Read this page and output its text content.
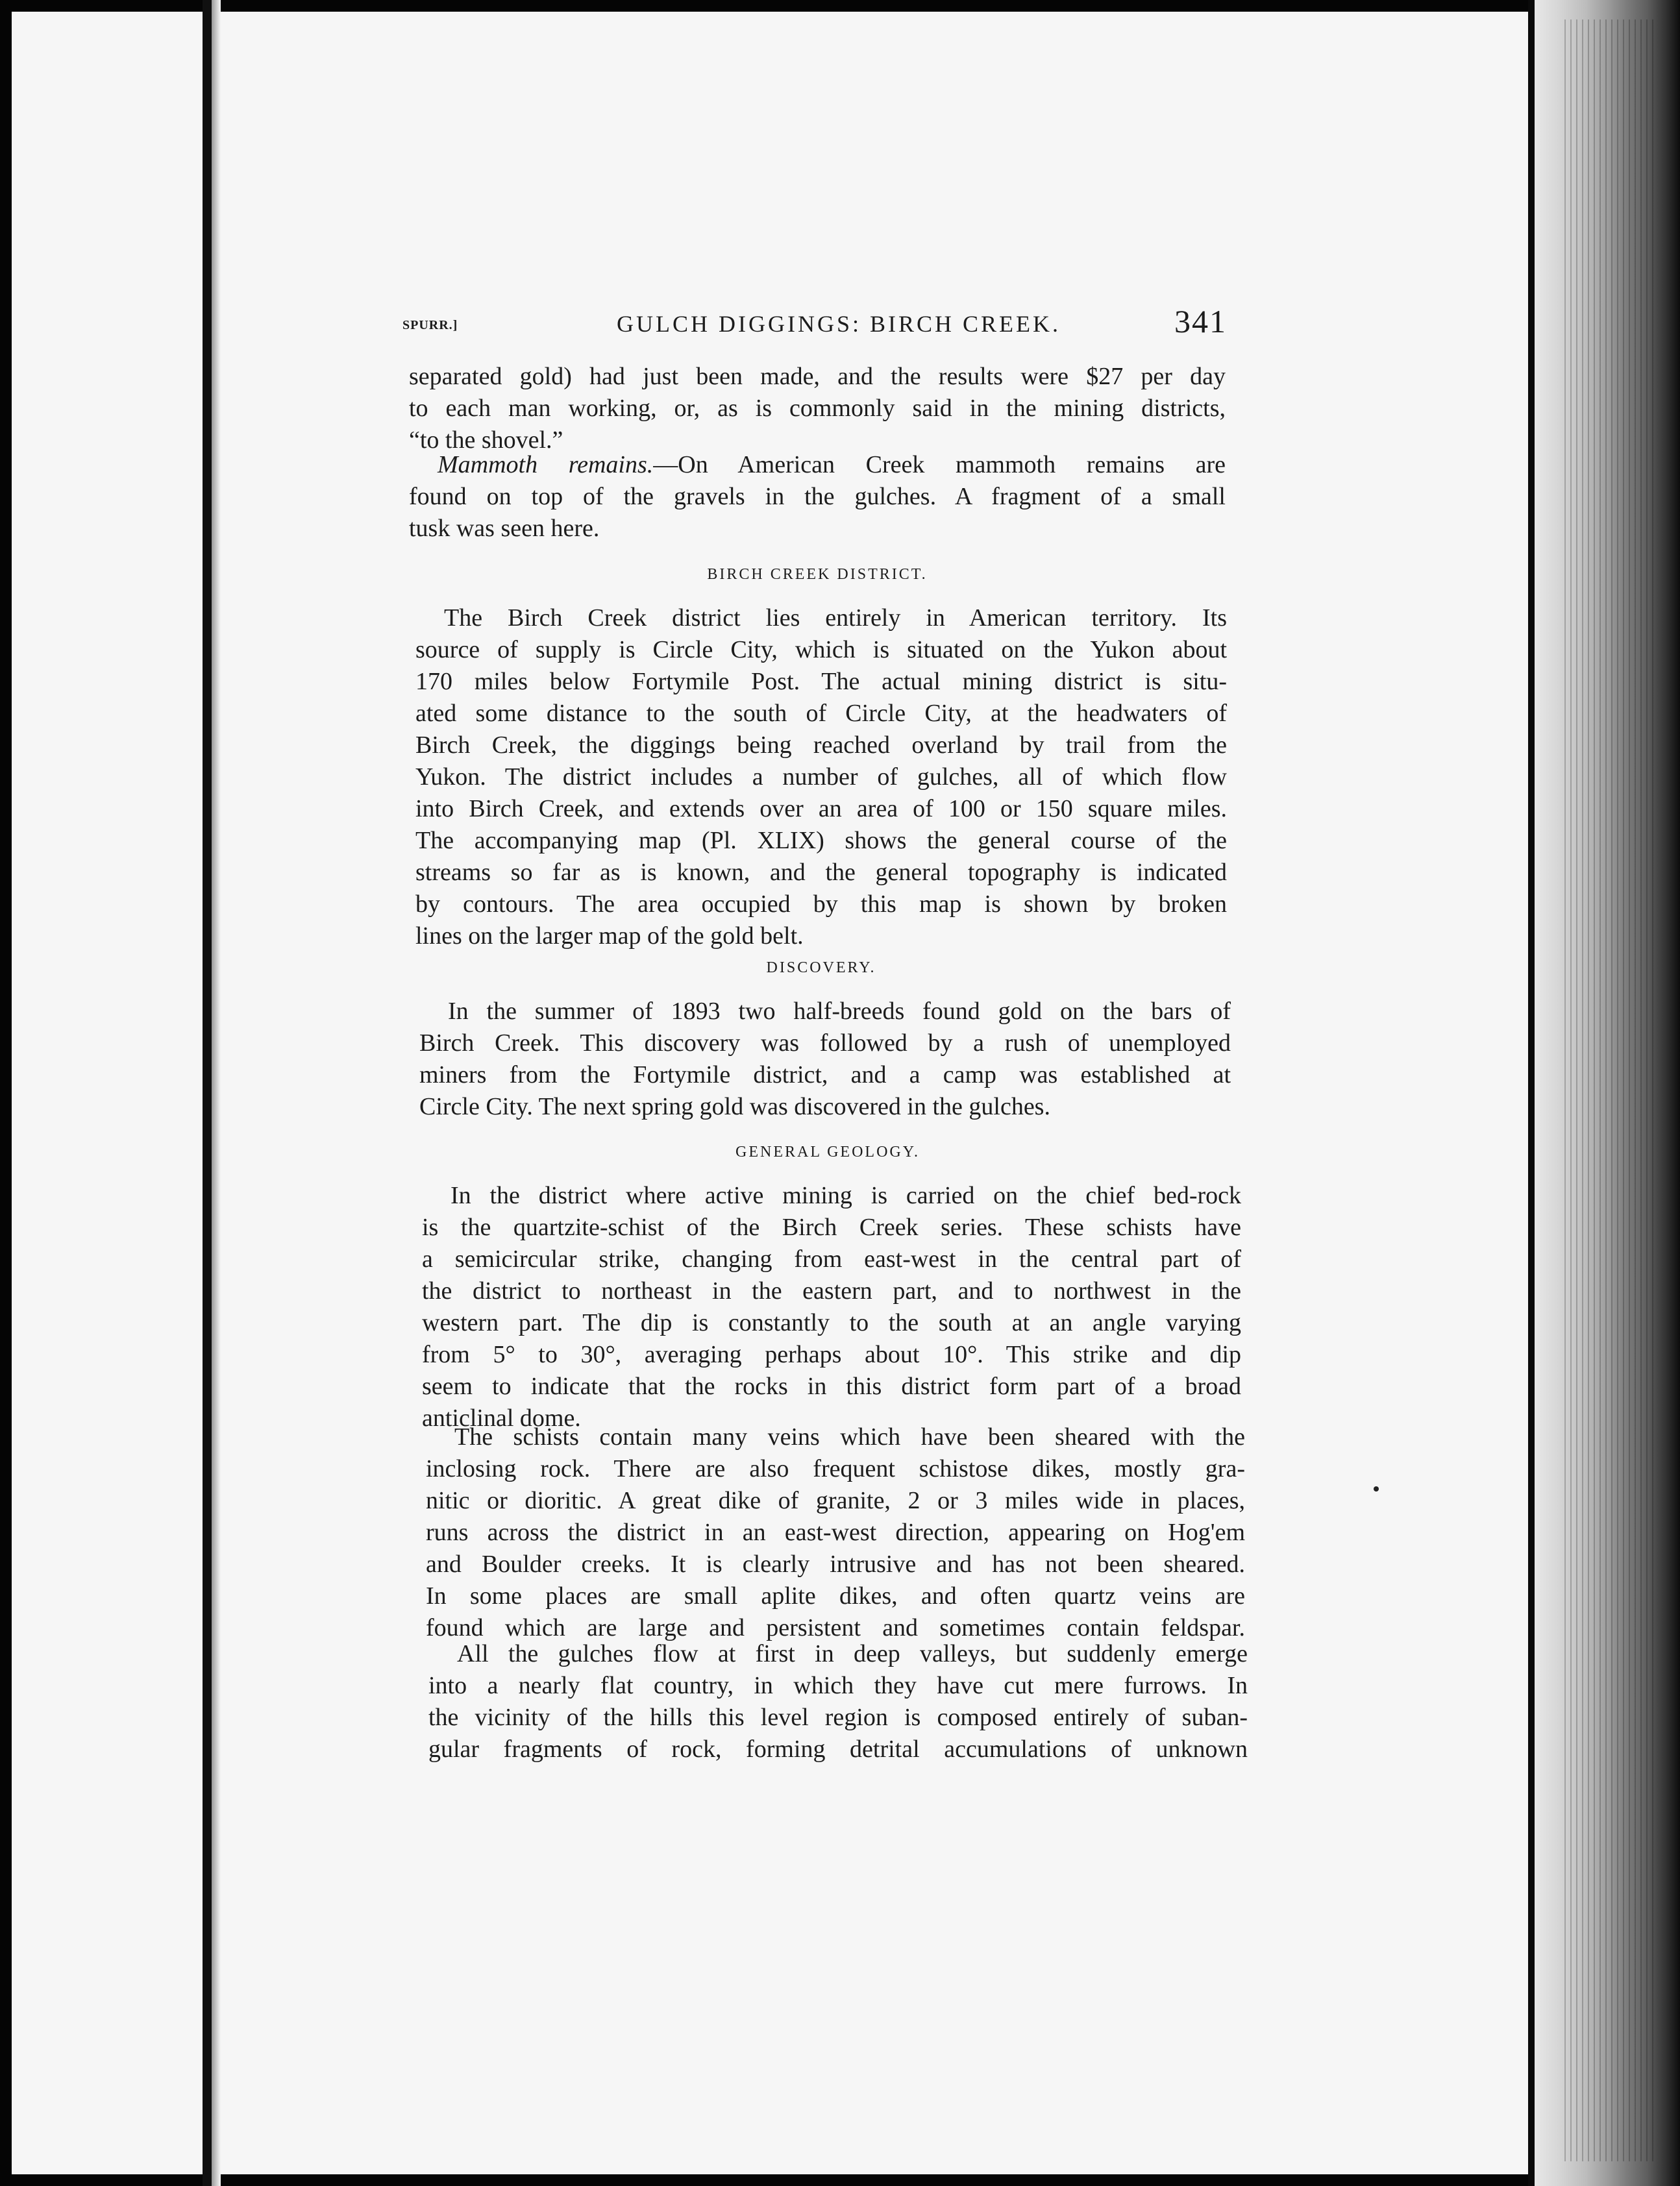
SPURR.]	GULCH DIGGINGS: BIRCH CREEK.	341
separated gold) had just been made, and the results were $27 per day
to each man working, or, as is commonly said in the mining districts,
“to the shovel.”
Mammoth remains.—On American Creek mammoth remains are
found on top of the gravels in the gulches. A fragment of a small
tusk was seen here.
BIRCH CREEK DISTRICT.
The Birch Creek district lies entirely in American territory. Its
source of supply is Circle City, which is situated on the Yukon about
170 miles below Fortymile Post. The actual mining district is situ-
ated some distance to the south of Circle City, at the headwaters of
Birch Creek, the diggings being reached overland by trail from the
Yukon. The district includes a number of gulches, all of which flow
into Birch Creek, and extends over an area of 100 or 150 square miles.
The accompanying map (Pl. XLIX) shows the general course of the
streams so far as is known, and the general topography is indicated
by contours. The area occupied by this map is shown by broken
lines on the larger map of the gold belt.
DISCOVERY.
In the summer of 1893 two half-breeds found gold on the bars of
Birch Creek. This discovery was followed by a rush of unemployed
miners from the Fortymile district, and a camp was established at
Circle City. The next spring gold was discovered in the gulches.
GENERAL GEOLOGY.
In the district where active mining is carried on the chief bed-rock
is the quartzite-schist of the Birch Creek series. These schists have
a semicircular strike, changing from east-west in the central part of
the district to northeast in the eastern part, and to northwest in the
western part. The dip is constantly to the south at an angle varying
from 5° to 30°, averaging perhaps about 10°. This strike and dip
seem to indicate that the rocks in this district form part of a broad
anticlinal dome.
The schists contain many veins which have been sheared with the
inclosing rock. There are also frequent schistose dikes, mostly gra-
nitic or dioritic. A great dike of granite, 2 or 3 miles wide in places,
runs across the district in an east-west direction, appearing on Hog'em
and Boulder creeks. It is clearly intrusive and has not been sheared.
In some places are small aplite dikes, and often quartz veins are
found which are large and persistent and sometimes contain feldspar.
All the gulches flow at first in deep valleys, but suddenly emerge
into a nearly flat country, in which they have cut mere furrows. In
the vicinity of the hills this level region is composed entirely of suban-
gular fragments of rock, forming detrital accumulations of unknown
